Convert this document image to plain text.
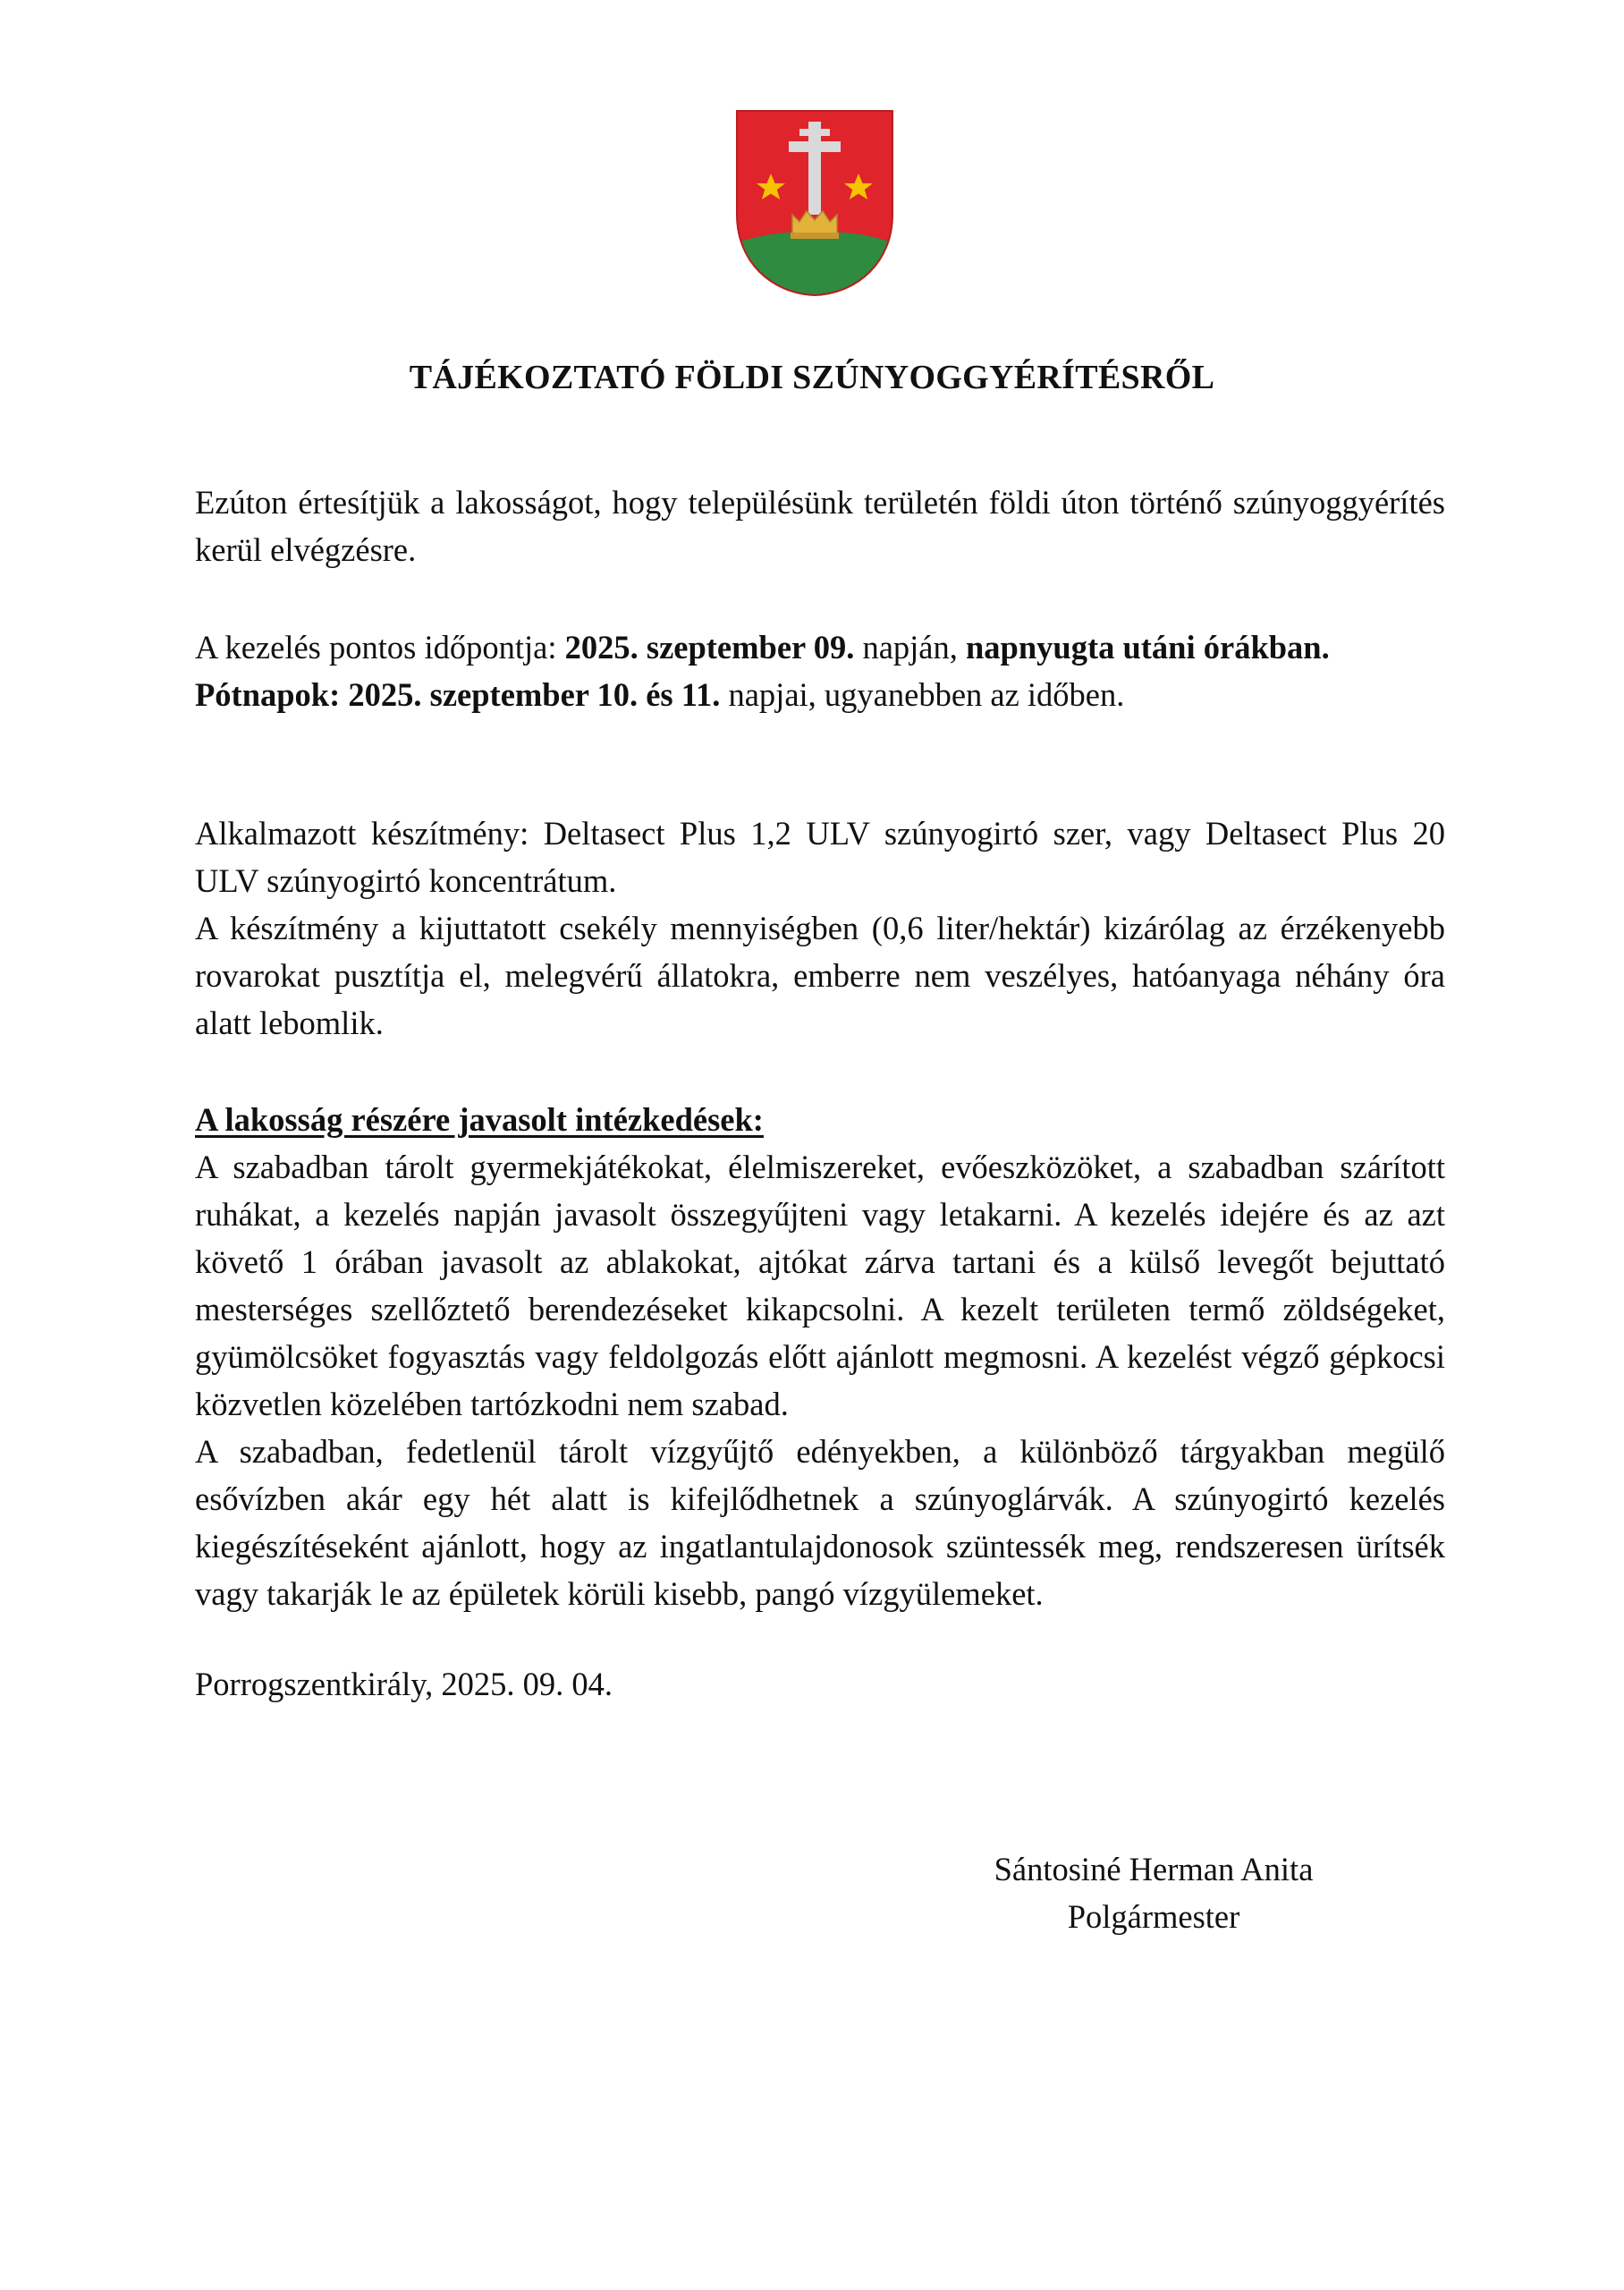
TÁJÉKOZTATÓ FÖLDI SZÚNYOGGYÉRÍTÉSRŐL

Ezúton értesítjük a lakosságot, hogy településünk területén földi úton történő szúnyoggyérítés kerül elvégzésre.

A kezelés pontos időpontja: 2025. szeptember 09. napján, napnyugta utáni órákban.

Pótnapok: 2025. szeptember 10. és 11. napjai, ugyanebben az időben.

Alkalmazott készítmény: Deltasect Plus 1,2 ULV szúnyogirtó szer, vagy Deltasect Plus 20 ULV szúnyogirtó koncentrátum.

A készítmény a kijuttatott csekély mennyiségben (0,6 liter/hektár) kizárólag az érzékenyebb rovarokat pusztítja el, melegvérű állatokra, emberre nem veszélyes, hatóanyaga néhány óra alatt lebomlik.

A lakosság részére javasolt intézkedések:

A szabadban tárolt gyermekjátékokat, élelmiszereket, evőeszközöket, a szabadban szárított ruhákat, a kezelés napján javasolt összegyűjteni vagy letakarni. A kezelés idejére és az azt követő 1 órában javasolt az ablakokat, ajtókat zárva tartani és a külső levegőt bejuttató mesterséges szellőztető berendezéseket kikapcsolni. A kezelt területen termő zöldségeket, gyümölcsöket fogyasztás vagy feldolgozás előtt ajánlott megmosni. A kezelést végző gépkocsi közvetlen közelében tartózkodni nem szabad.

A szabadban, fedetlenül tárolt vízgyűjtő edényekben, a különböző tárgyakban megülő esővízben akár egy hét alatt is kifejlődhetnek a szúnyoglárvák. A szúnyogirtó kezelés kiegészítéseként ajánlott, hogy az ingatlantulajdonosok szüntessék meg, rendszeresen ürítsék vagy takarják le az épületek körüli kisebb, pangó vízgyülemeket.

Porrogszentkirály, 2025. 09. 04.

Sántosiné Herman Anita
Polgármester
